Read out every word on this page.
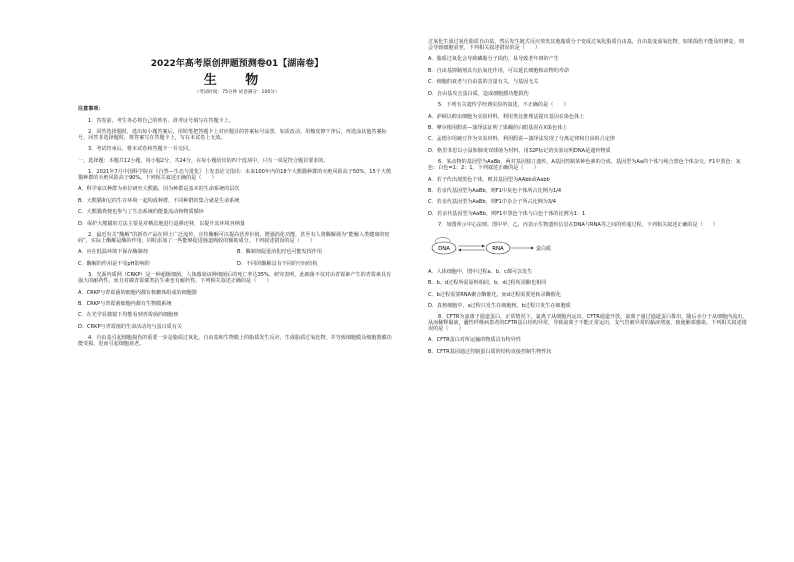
2022年高考原创押题预测卷01【湖南卷】
生 物
（考试时间：75分钟 试卷满分：100分）
注意事项：
1．答卷前，考生务必将自己的姓名、准考证号填写在答题卡上。
2．回答选择题时，选出每小题答案后，用铅笔把答题卡上对应题目的答案标号涂黑。如需改动，用橡皮擦干净后，再选涂其他答案标号。回答非选择题时，将答案写在答题卡上，写在本试卷上无效。
3．考试结束后，将本试卷和答题卡一并交回。
一、选择题：本题共12小题，每小题2分，共24分，在每小题给出的四个选项中，只有一项是符合题目要求的。
1．2021年7月中国科学院在《自然—生态与进化》上发表论文指出：未来100年内的18个大熊猫种群的灭绝风险高于50%，15个大熊猫种群的灭绝风险高于90%。下列相关叙述正确的是（　　）
A．科学家以种群为单位研究大熊猫，因为种群是基本的生命系统的层次
B．大熊猫和它的生存环境一起构成种群，不同种群的集合就是生命系统
C．大熊猫粪便也参与了生态系统的能量流动和物质循环
D．保护大熊猫的方法主要是对栖息地进行退耕还林，以提升其环境容纳量
2．最近有关“酶解”的新奇产品在网上广泛流传，宣传酶解可以提高营养价值、增强消化功能，甚至有人将酶解视为“能解人类健康的密码”，实际上酶解是酶的作用，同时添加了一些能够促进肠道吸收的辅助成分。下列叙述错误的是（　　）
A．应在低温环境下保存酶制剂	B．酶制剂促进消化时也可能发挥作用
C．酶解的作用是不受pH影响的	D．不同的酶解具有不同的空间结构
3．光面内质网（CRKP）是一种超级细菌，人体感染该种细菌后的死亡率达35%。研究表明，此细菌不仅对由青霉素产生的青霉素具有强大的耐药性，而且对碳青霉烯类抗生素也有耐药性。下列相关叙述正确的是（　　）
A．CRKP与青霉菌的细胞内都有核糖体组成的细胞器
B．CRKP与青霉菌细胞内都有生物膜系统
C．在光学显微镜下均能看到青霉菌的细胞核
D．CRKP与青霉菌的生命活动均与蛋白质有关
4．自由基引起细胞损伤的重要一步是脂质过氧化。自由基和生物膜上的脂质发生反应，生成脂质过氧化物，并导致细胞膜及细胞器膜功能受损，进而引起细胞衰老。
过氧化生成过氧化脂质自由基，然后发生链式反应放发其他脂质分子变成过氧化脂质自由基，自由基变成氧化物，如果损伤不能及时修复，则会导致细胞衰老。下列相关叙述错误的是（　　）
A．脂质过氧化会导致磷脂分子损伤，易导致老年斑的产生
B．自由基抑制剂具有抗氧化作用，可以延长细胞和动物的寿命
C．细胞的衰老与自由基的含量有关，与基因无关
D．自由基攻击蛋白质，造成细胞膜功能损伤
5．下列有关遗传学经典实验的叙述，不正确的是（　　）
A．萨顿以蝗虫细胞为实验材料，利用类比推理法提出基因在染色体上
B．摩尔根用假说—演绎法证明了果蝇的白眼基因在X染色体上
C．孟德尔用豌豆作为实验材料，利用假说—演绎法发现了分离定律和自由组合定律
D．格里菲思以小鼠和肺炎双球菌为材料，用32P标记的实验证明DNA是遗传物质
6．某动物的基因型为AaBb，两对基因独立遗传，A基因控制某种色素的合成，基因型为Aa的个体与纯合黑色个体杂交，F1中黑色：灰色：白色=1：2：1。下列叙述正确的是（　　）
A．若子代出现黑色个体，则其基因型为AAbb或Aabb
B．若亲代基因型为AaBb，则F1中灰色个体所占比例为1/4
C．若亲代基因型为AaBb，则F1中杂合子所占比例为3/4
D．若亲代基因型为AaBb，则F1中黑色个体与白色个体的比例为1：1
7．如图所示中心法则，图中甲、乙、丙表示生物遗传信息在DNA与RNA等之间的传递过程，下列相关叙述正确的是（　　）
DNA	RNA	蛋白质
A．人体细胞中，图中过程a、b、c都可以发生
B．b、d过程所需原料相同，b、d过程所需酶也相同
C．b过程需要RNA聚合酶催化，而d过程需要逆转录酶催化
D．真核细胞中，a过程只发生在细胞核，b过程只发生在细胞质
8．CFTR为氯离子通道蛋白，正常情况下，氯离子从细胞内运出，CFTR通道开放，氯离子通过通道蛋白排出，随后水分子从细胞内流出，从而稀释黏液。囊性纤维病患者的CFTR蛋白结构异常，导致氯离子不能正常运出，支气管被异常的黏液堵塞，致使肺部感染。下列相关叙述错误的是（　　）
A．CFTR蛋白对所运输的物质具有特异性
B．CFTR基因通过控制蛋白质的结构直接控制生物性状
